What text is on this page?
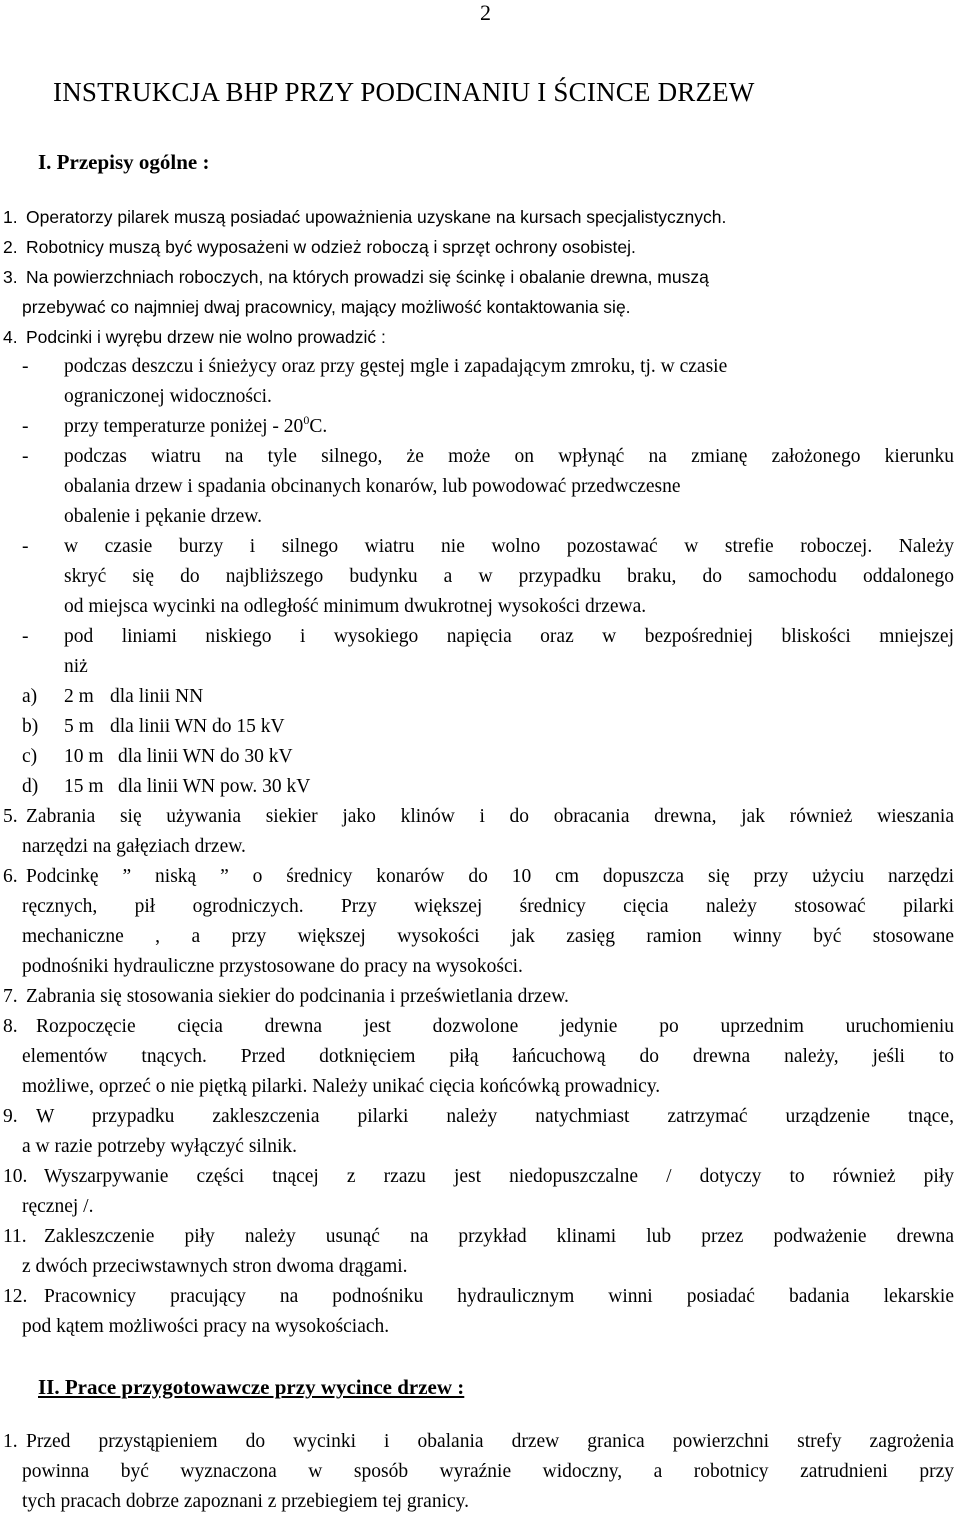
2
INSTRUKCJA BHP PRZY PODCINANIU I ŚCINCE DRZEW
I. Przepisy ogólne :
1. Operatorzy pilarek muszą posiadać upoważnienia uzyskane na kursach specjalistycznych.
2. Robotnicy muszą być wyposażeni w odzież roboczą i sprzęt ochrony osobistej.
3. Na powierzchniach roboczych, na których prowadzi się ścinkę i obalanie drewna, muszą
przebywać co najmniej dwaj pracownicy, mający możliwość kontaktowania się.
4. Podcinki i wyrębu drzew nie wolno prowadzić :
- podczas deszczu i śnieżycy oraz przy gęstej mgle i zapadającym zmroku, tj. w czasie
ograniczonej widoczności.
- przy temperaturze poniżej - $20^0C$.
- podczas wiatru na tyle silnego, że może on wpłynąć na zmianę założonego kierunku
obalania drzew i spadania obcinanych konarów, lub powodować przedwczesne
obalenie i pękanie drzew.
- w czasie burzy i silnego wiatru nie wolno pozostawać w strefie roboczej. Należy
skryć się do najbliższego budynku a w przypadku braku, do samochodu oddalonego
od miejsca wycinki na odległość minimum dwukrotnej wysokości drzewa.
- pod liniami niskiego i wysokiego napięcia oraz w bezpośredniej bliskości mniejszej
niż
a) 2 m dla linii NN
b) 5 m dla linii WN do 15 kV
c) 10 m dla linii WN do 30 kV
d) 15 m dla linii WN pow. 30 kV
5. Zabrania się używania siekier jako klinów i do obracania drewna, jak również wieszania
narzędzi na gałęziach drzew.
6. Podcinkę ” niską ” o średnicy konarów do 10 cm dopuszcza się przy użyciu narzędzi
ręcznych, pił ogrodniczych. Przy większej średnicy cięcia należy stosować pilarki
mechaniczne , a przy większej wysokości jak zasięg ramion winny być stosowane
podnośniki hydrauliczne przystosowane do pracy na wysokości.
7. Zabrania się stosowania siekier do podcinania i prześwietlania drzew.
8. Rozpoczęcie cięcia drewna jest dozwolone jedynie po uprzednim uruchomieniu
elementów tnących. Przed dotknięciem piłą łańcuchową do drewna należy, jeśli to
możliwe, oprzeć o nie piętką pilarki. Należy unikać cięcia końcówką prowadnicy.
9. W przypadku zakleszczenia pilarki należy natychmiast zatrzymać urządzenie tnące,
a w razie potrzeby wyłączyć silnik.
10. Wyszarpywanie części tnącej z rzazu jest niedopuszczalne / dotyczy to również piły
ręcznej /.
11. Zakleszczenie piły należy usunąć na przykład klinami lub przez podważenie drewna
z dwóch przeciwstawnych stron dwoma drągami.
12. Pracownicy pracujący na podnośniku hydraulicznym winni posiadać badania lekarskie
pod kątem możliwości pracy na wysokościach.
II. Prace przygotowawcze przy wycince drzew :
1. Przed przystąpieniem do wycinki i obalania drzew granica powierzchni strefy zagrożenia
powinna być wyznaczona w sposób wyraźnie widoczny, a robotnicy zatrudnieni przy
tych pracach dobrze zapoznani z przebiegiem tej granicy.
